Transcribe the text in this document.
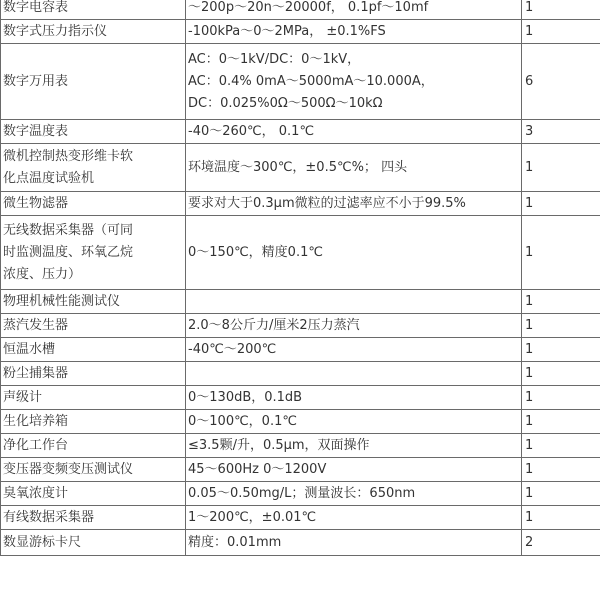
数字电容表	～200p～20n～20000f， 0.1pf～10mf	1

数字式压力指示仪	-100kPa～0～2MPa， ±0.1%FS	1

数字万用表	AC：0～1kV/DC：0～1kV，
AC：0.4% 0mA～5000mA～10.000A，
DC：0.025%0Ω～500Ω～10kΩ	6

数字温度表	-40～260℃， 0.1℃	3

微机控制热变形维卡软
化点温度试验机	环境温度～300℃，±0.5℃%； 四头	1

微生物滤器	要求对大于0.3μm微粒的过滤率应不小于99.5%	1

无线数据采集器（可同
时监测温度、环氧乙烷
浓度、压力）	0～150℃，精度0.1℃	1

物理机械性能测试仪		1

蒸汽发生器	2.0～8公斤力/厘米2压力蒸汽	1

恒温水槽	-40℃～200℃	1

粉尘捕集器		1

声级计	0～130dB，0.1dB	1

生化培养箱	0～100℃，0.1℃	1

净化工作台	≤3.5颗/升，0.5μm，双面操作	1

变压器变频变压测试仪	45～600Hz 0～1200V	1

臭氧浓度计	0.05～0.50mg/L；测量波长：650nm	1

有线数据采集器	1～200℃，±0.01℃	1

数显游标卡尺	精度：0.01mm	2
